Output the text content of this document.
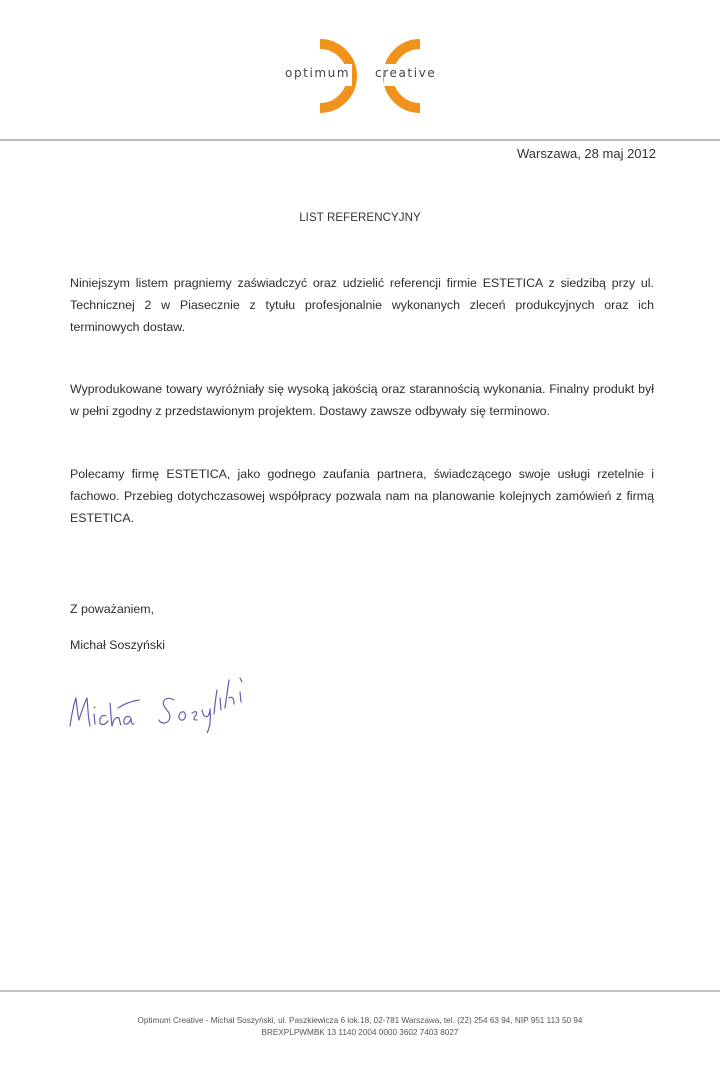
optimum creative
Warszawa, 28 maj 2012
LIST REFERENCYJNY
Niniejszym listem pragniemy zaświadczyć oraz udzielić referencji firmie ESTETICA z siedzibą przy ul. Technicznej 2 w Piasecznie z tytułu profesjonalnie wykonanych zleceń produkcyjnych oraz ich terminowych dostaw.
Wyprodukowane towary wyróżniały się wysoką jakością oraz starannością wykonania. Finalny produkt był w pełni zgodny z przedstawionym projektem. Dostawy zawsze odbywały się terminowo.
Polecamy firmę ESTETICA, jako godnego zaufania partnera, świadczącego swoje usługi rzetelnie i fachowo. Przebieg dotychczasowej współpracy pozwala nam na planowanie kolejnych zamówień z firmą ESTETICA.
Z poważaniem,
Michał Soszyński
Optimum Creative - Michał Soszyński, ul. Paszkiewicza 6 lok.18, 02-781 Warszawa, tel. (22) 254 63 94, NIP 951 113 50 94
BREXPLPWMBK 13 1140 2004 0000 3602 7403 8027
